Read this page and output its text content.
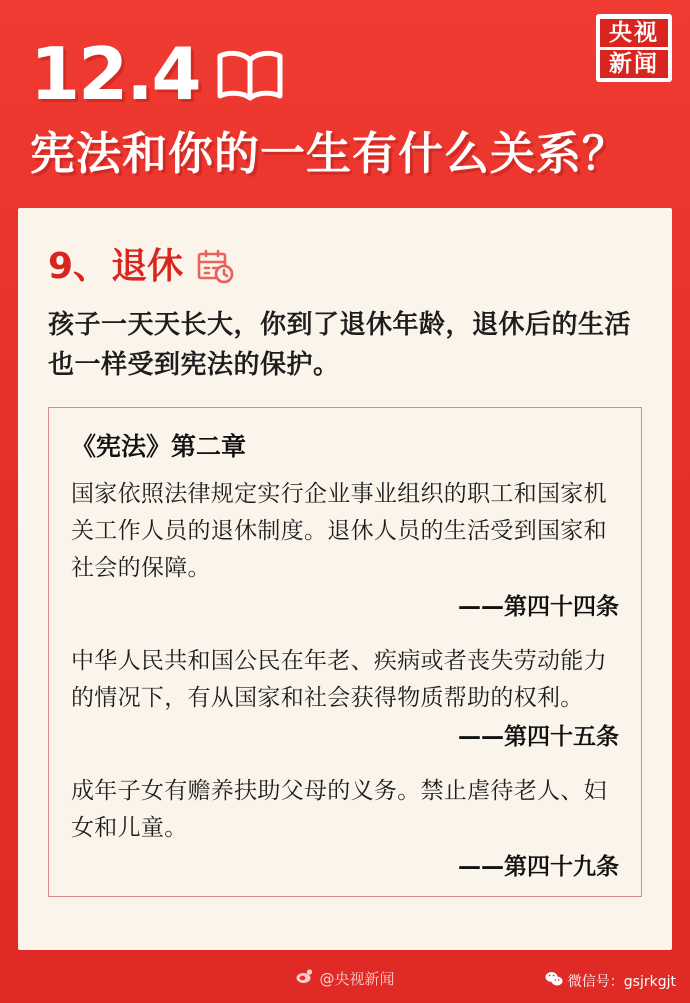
央视
新闻
12.4
宪法和你的一生有什么关系？
9、 退休
孩子一天天长大，你到了退休年龄，退休后的生活也一样受到宪法的保护。
《宪法》第二章
国家依照法律规定实行企业事业组织的职工和国家机关工作人员的退休制度。退休人员的生活受到国家和社会的保障。
——第四十四条
中华人民共和国公民在年老、疾病或者丧失劳动能力的情况下，有从国家和社会获得物质帮助的权利。
——第四十五条
成年子女有赡养扶助父母的义务。禁止虐待老人、妇女和儿童。
——第四十九条
@央视新闻	微信号：gsjrkgjt
